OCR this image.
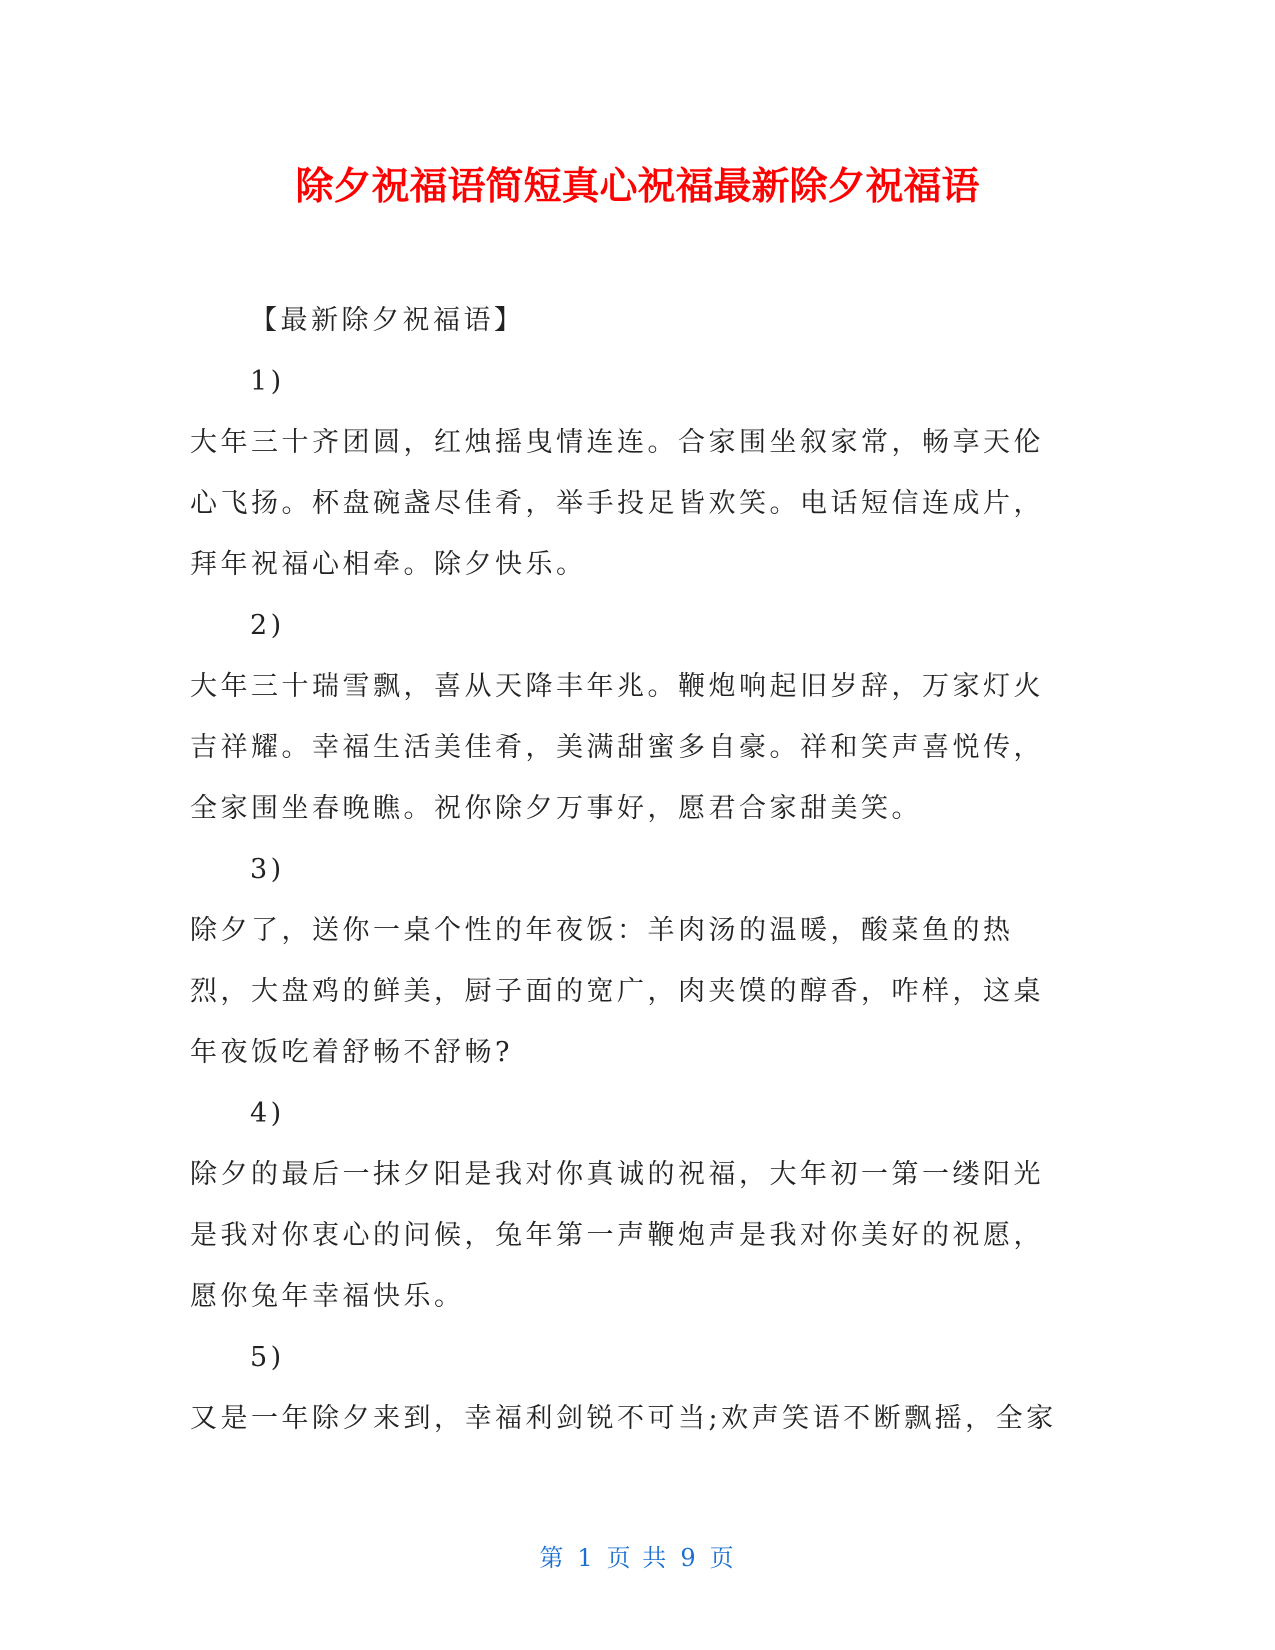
除夕祝福语简短真心祝福最新除夕祝福语

【最新除夕祝福语】

1)

大年三十齐团圆，红烛摇曳情连连。合家围坐叙家常，畅享天伦心飞扬。杯盘碗盏尽佳肴，举手投足皆欢笑。电话短信连成片，拜年祝福心相牵。除夕快乐。

2)

大年三十瑞雪飘，喜从天降丰年兆。鞭炮响起旧岁辞，万家灯火吉祥耀。幸福生活美佳肴，美满甜蜜多自豪。祥和笑声喜悦传，全家围坐春晚瞧。祝你除夕万事好，愿君合家甜美笑。

3)

除夕了，送你一桌个性的年夜饭：羊肉汤的温暖，酸菜鱼的热烈，大盘鸡的鲜美，厨子面的宽广，肉夹馍的醇香，咋样，这桌年夜饭吃着舒畅不舒畅?

4)

除夕的最后一抹夕阳是我对你真诚的祝福，大年初一第一缕阳光是我对你衷心的问候，兔年第一声鞭炮声是我对你美好的祝愿，愿你兔年幸福快乐。

5)

又是一年除夕来到，幸福利剑锐不可当;欢声笑语不断飘摇，全家

第 1 页 共 9 页
